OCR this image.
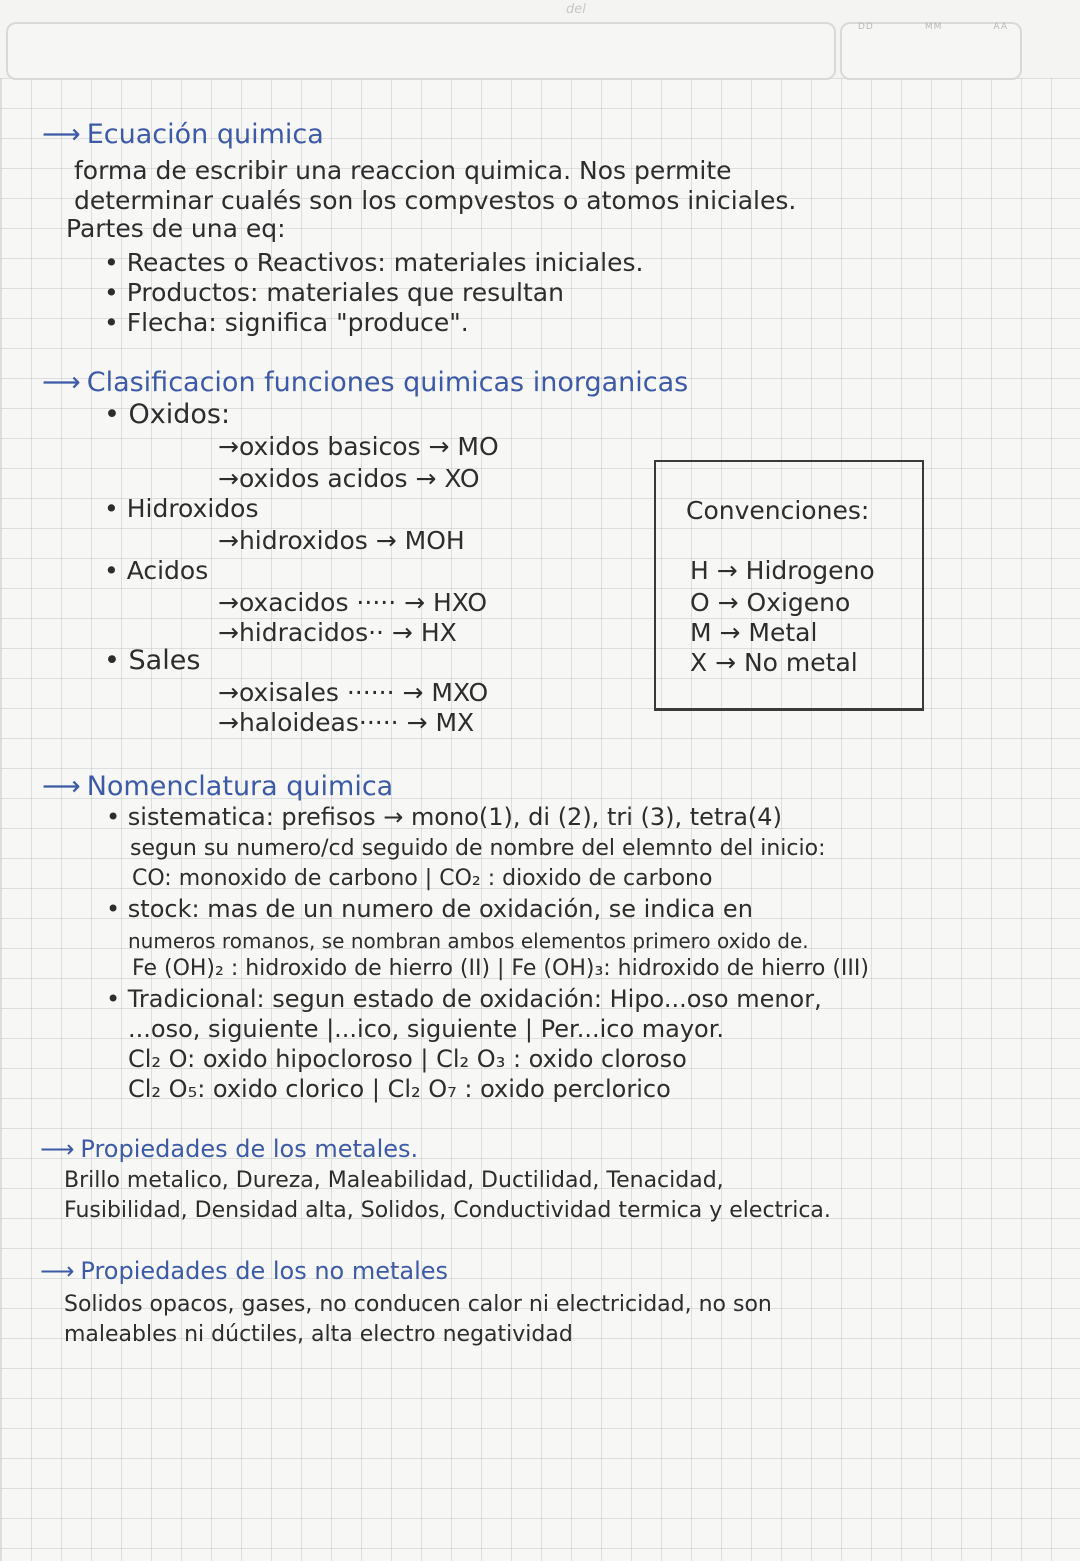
DD	MM	AA
del
⟶ Ecuación quimica
forma de escribir una reaccion quimica. Nos permite
determinar cualés son los compvestos o atomos iniciales.
Partes de una eq:
• Reactes o Reactivos: materiales iniciales.
• Productos: materiales que resultan
• Flecha: significa "produce".
⟶ Clasificacion funciones quimicas inorganicas
• Oxidos:
→oxidos basicos → MO
→oxidos acidos → XO
• Hidroxidos
→hidroxidos → MOH
• Acidos
→oxacidos ····· → HXO
→hidracidos·· → HX
• Sales
→oxisales ······ → MXO
→haloideas····· → MX
Convenciones:
H → Hidrogeno
O → Oxigeno
M → Metal
X → No metal
⟶ Nomenclatura quimica
• sistematica: prefisos → mono(1), di (2), tri (3), tetra(4)
segun su numero/cd seguido de nombre del elemnto del inicio:
CO: monoxido de carbono | CO₂ : dioxido de carbono
• stock: mas de un numero de oxidación, se indica en
numeros romanos, se nombran ambos elementos primero oxido de.
Fe (OH)₂ : hidroxido de hierro (II) | Fe (OH)₃: hidroxido de hierro (III)
• Tradicional: segun estado de oxidación: Hipo...oso menor,
...oso, siguiente |...ico, siguiente | Per...ico mayor.
Cl₂ O: oxido hipocloroso | Cl₂ O₃ : oxido cloroso
Cl₂ O₅: oxido clorico | Cl₂ O₇ : oxido perclorico
⟶ Propiedades de los metales.
Brillo metalico, Dureza, Maleabilidad, Ductilidad, Tenacidad,
Fusibilidad, Densidad alta, Solidos, Conductividad termica y electrica.
⟶ Propiedades de los no metales
Solidos opacos, gases, no conducen calor ni electricidad, no son
maleables ni dúctiles, alta electro negatividad
